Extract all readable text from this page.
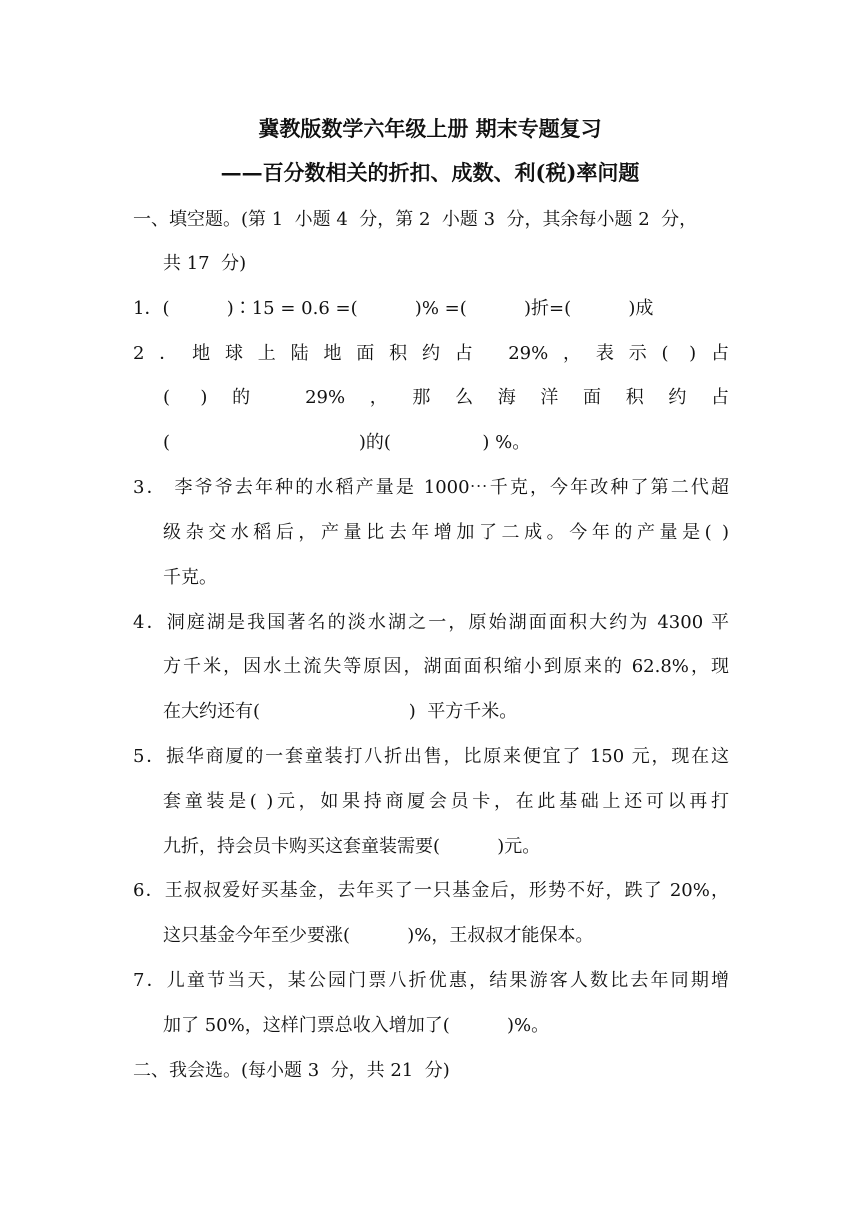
冀教版数学六年级上册 期末专题复习
——百分数相关的折扣、成数、利(税)率问题
一、填空题。(第 1  小题 4  分，第 2  小题 3  分，其余每小题 2  分，
共 17  分)
1．(          )∶15 = 0.6 =(          )% =(          )折=(          )成
2．地球上陆地面积约占 29%，表示( )占
( )的 29%，那么海洋面积约占
(                                 )的(                ) %。
3． 李爷爷去年种的水稻产量是 1000⋯千克，今年改种了第二代超
级杂交水稻后，产量比去年增加了二成。今年的产量是( )
千克。
4．洞庭湖是我国著名的淡水湖之一，原始湖面面积大约为 4300 平
方千米，因水土流失等原因，湖面面积缩小到原来的 62.8%，现
在大约还有(                          )  平方千米。
5．振华商厦的一套童装打八折出售，比原来便宜了 150 元，现在这
套童装是( )元，如果持商厦会员卡，在此基础上还可以再打
九折，持会员卡购买这套童装需要(          )元。
6．王叔叔爱好买基金，去年买了一只基金后，形势不好，跌了 20%，
这只基金今年至少要涨(          )%，王叔叔才能保本。
7．儿童节当天，某公园门票八折优惠，结果游客人数比去年同期增
加了 50%，这样门票总收入增加了(          )%。
二、我会选。(每小题 3  分，共 21  分)
